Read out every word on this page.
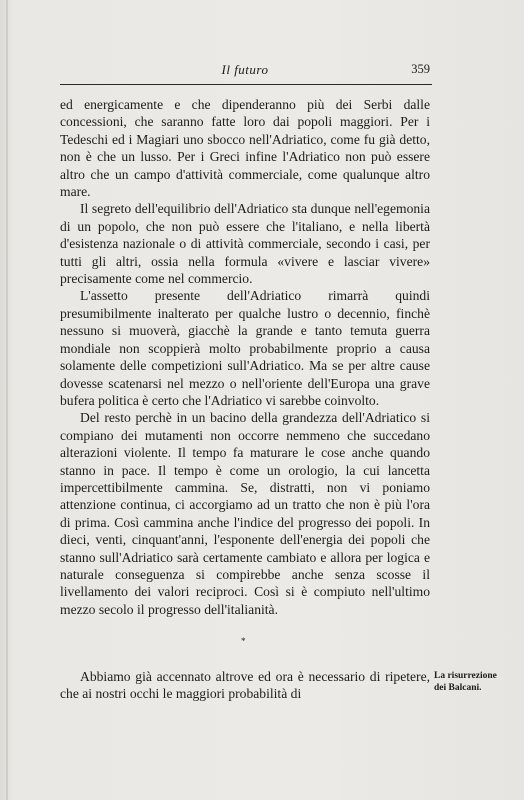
Il futuro	359

ed energicamente e che dipenderanno più dei Serbi dalle concessioni, che saranno fatte loro dai popoli maggiori. Per i Tedeschi ed i Magiari uno sbocco nell'Adriatico, come fu già detto, non è che un lusso. Per i Greci infine l'Adriatico non può essere altro che un campo d'attività commerciale, come qualunque altro mare.

Il segreto dell'equilibrio dell'Adriatico sta dunque nell'egemonia di un popolo, che non può essere che l'italiano, e nella libertà d'esistenza nazionale o di attività commerciale, secondo i casi, per tutti gli altri, ossia nella formula «vivere e lasciar vivere» precisamente come nel commercio.

L'assetto presente dell'Adriatico rimarrà quindi presumibilmente inalterato per qualche lustro o decennio, finchè nessuno si muoverà, giacchè la grande e tanto temuta guerra mondiale non scoppierà molto probabilmente proprio a causa solamente delle competizioni sull'Adriatico. Ma se per altre cause dovesse scatenarsi nel mezzo o nell'oriente dell'Europa una grave bufera politica è certo che l'Adriatico vi sarebbe coinvolto.

Del resto perchè in un bacino della grandezza dell'Adriatico si compiano dei mutamenti non occorre nemmeno che succedano alterazioni violente. Il tempo fa maturare le cose anche quando stanno in pace. Il tempo è come un orologio, la cui lancetta impercettibilmente cammina. Se, distratti, non vi poniamo attenzione continua, ci accorgiamo ad un tratto che non è più l'ora di prima. Così cammina anche l'indice del progresso dei popoli. In dieci, venti, cinquant'anni, l'esponente dell'energia dei popoli che stanno sull'Adriatico sarà certamente cambiato e allora per logica e naturale conseguenza si compirebbe anche senza scosse il livellamento dei valori reciproci. Così si è compiuto nell'ultimo mezzo secolo il progresso dell'italianità.

*

Abbiamo già accennato altrove ed ora è necessario di ripetere, che ai nostri occhi le maggiori probabilità di

La risurrezione dei Balcani.
